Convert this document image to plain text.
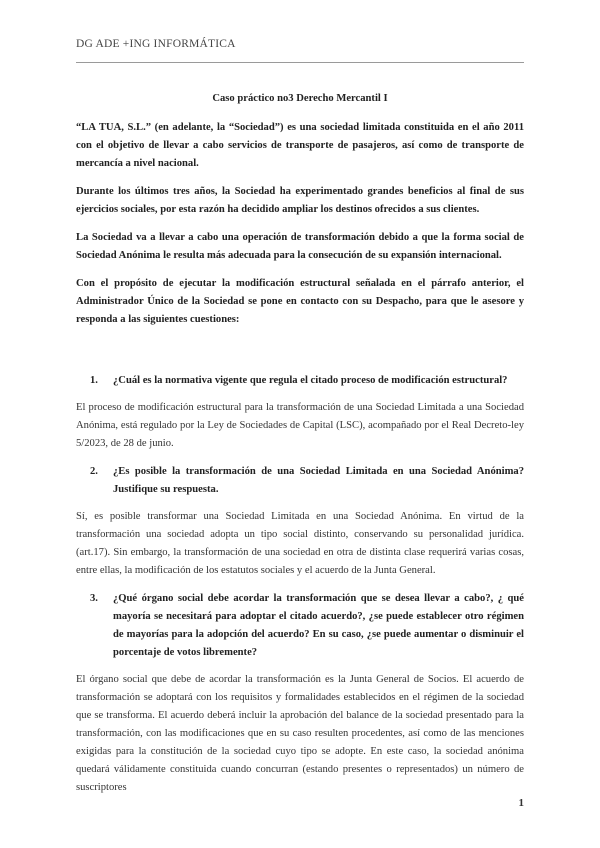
DG ADE +ING INFORMÁTICA

Caso práctico no3 Derecho Mercantil I

“LA TUA, S.L.” (en adelante, la “Sociedad”) es una sociedad limitada constituida en el año 2011 con el objetivo de llevar a cabo servicios de transporte de pasajeros, así como de transporte de mercancía a nivel nacional.

Durante los últimos tres años, la Sociedad ha experimentado grandes beneficios al final de sus ejercicios sociales, por esta razón ha decidido ampliar los destinos ofrecidos a sus clientes.

La Sociedad va a llevar a cabo una operación de transformación debido a que la forma social de Sociedad Anónima le resulta más adecuada para la consecución de su expansión internacional.

Con el propósito de ejecutar la modificación estructural señalada en el párrafo anterior, el Administrador Único de la Sociedad se pone en contacto con su Despacho, para que le asesore y responda a las siguientes cuestiones:

1.	¿Cuál es la normativa vigente que regula el citado proceso de modificación estructural?

El proceso de modificación estructural para la transformación de una Sociedad Limitada a una Sociedad Anónima, está regulado por la Ley de Sociedades de Capital (LSC), acompañado por el Real Decreto-ley 5/2023, de 28 de junio.

2.	¿Es posible la transformación de una Sociedad Limitada en una Sociedad Anónima? Justifique su respuesta.

Sí, es posible transformar una Sociedad Limitada en una Sociedad Anónima. En virtud de la transformación una sociedad adopta un tipo social distinto, conservando su personalidad jurídica. (art.17). Sin embargo, la transformación de una sociedad en otra de distinta clase requerirá varias cosas, entre ellas, la modificación de los estatutos sociales y el acuerdo de la Junta General.

3.	¿Qué órgano social debe acordar la transformación que se desea llevar a cabo?, ¿ qué mayoría se necesitará para adoptar el citado acuerdo?, ¿se puede establecer otro régimen de mayorías para la adopción del acuerdo? En su caso, ¿se puede aumentar o disminuir el porcentaje de votos libremente?

El órgano social que debe de acordar la transformación es la Junta General de Socios. El acuerdo de transformación se adoptará con los requisitos y formalidades establecidos en el régimen de la sociedad que se transforma. El acuerdo deberá incluir la aprobación del balance de la sociedad presentado para la transformación, con las modificaciones que en su caso resulten procedentes, así como de las menciones exigidas para la constitución de la sociedad cuyo tipo se adopte. En este caso, la sociedad anónima quedará válidamente constituida cuando concurran (estando presentes o representados) un número de suscriptores

1
